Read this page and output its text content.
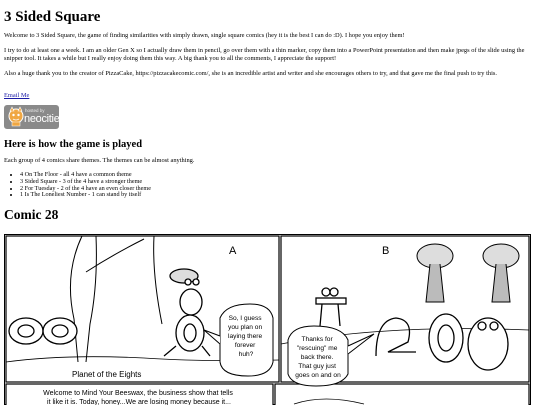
3 Sided Square

Welcome to 3 Sided Square, the game of finding similarities with simply drawn, single square comics (hey it is the best I can do :D). I hope you enjoy them!

I try to do at least one a week. I am an older Gen X so I actually draw them in pencil, go over them with a thin marker, copy them into a PowerPoint presentation and then make jpegs of the slide using the snipper tool. It takes a while but I really enjoy doing them this way. A big thank you to all the comments, I appreciate the support!

Also a huge thank you to the creator of PizzaCake, https://pizzacakecomic.com/, she is an incredible artist and writer and she encourages others to try, and that gave me the final push to try this.

Email Me
hosted by
neocities
Here is how the game is played

Each group of 4 comics share themes. The themes can be almost anything.

• 4 On The Floor - all 4 have a common theme
• 3 Sided Square - 3 of the 4 have a stronger theme
• 2 For Tuesday - 2 of the 4 have an even closer theme
• 1 Is The Loneliest Number - 1 can stand by itself
Comic 28
A	B
So, I guess you plan on laying there forever huh?
Planet of the Eights
Thanks for "rescuing" me back there. That guy just goes on and on
Welcome to Mind Your Beeswax, the business show that tells it like it is. Today, honey...We are losing money because it...
